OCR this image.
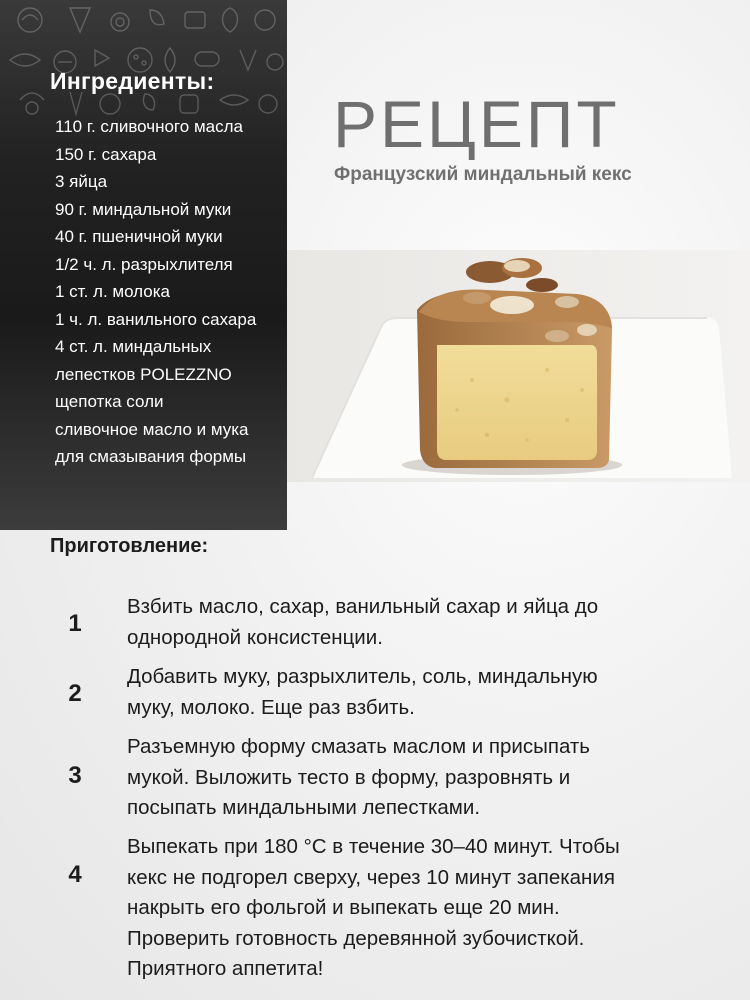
Ингредиенты:
110 г. сливочного масла
150 г. сахара
3 яйца
90 г. миндальной муки
40 г. пшеничной муки
1/2 ч. л. разрыхлителя
1 ст. л. молока
1 ч. л. ванильного сахара
4 ст. л. миндальных
лепестков POLEZZNO
щепотка соли
сливочное масло и мука
для смазывания формы
РЕЦЕПТ
Французский миндальный кекс
Приготовление:
1
Взбить масло, сахар, ванильный сахар и яйца до
однородной консистенции.
2
Добавить муку, разрыхлитель, соль, миндальную
муку, молоко. Еще раз взбить.
3
Разъемную форму смазать маслом и присыпать
мукой. Выложить тесто в форму, разровнять и
посыпать миндальными лепестками.
4
Выпекать при 180 °C в течение 30–40 минут. Чтобы
кекс не подгорел сверху, через 10 минут запекания
накрыть его фольгой и выпекать еще 20 мин.
Проверить готовность деревянной зубочисткой.
Приятного аппетита!
